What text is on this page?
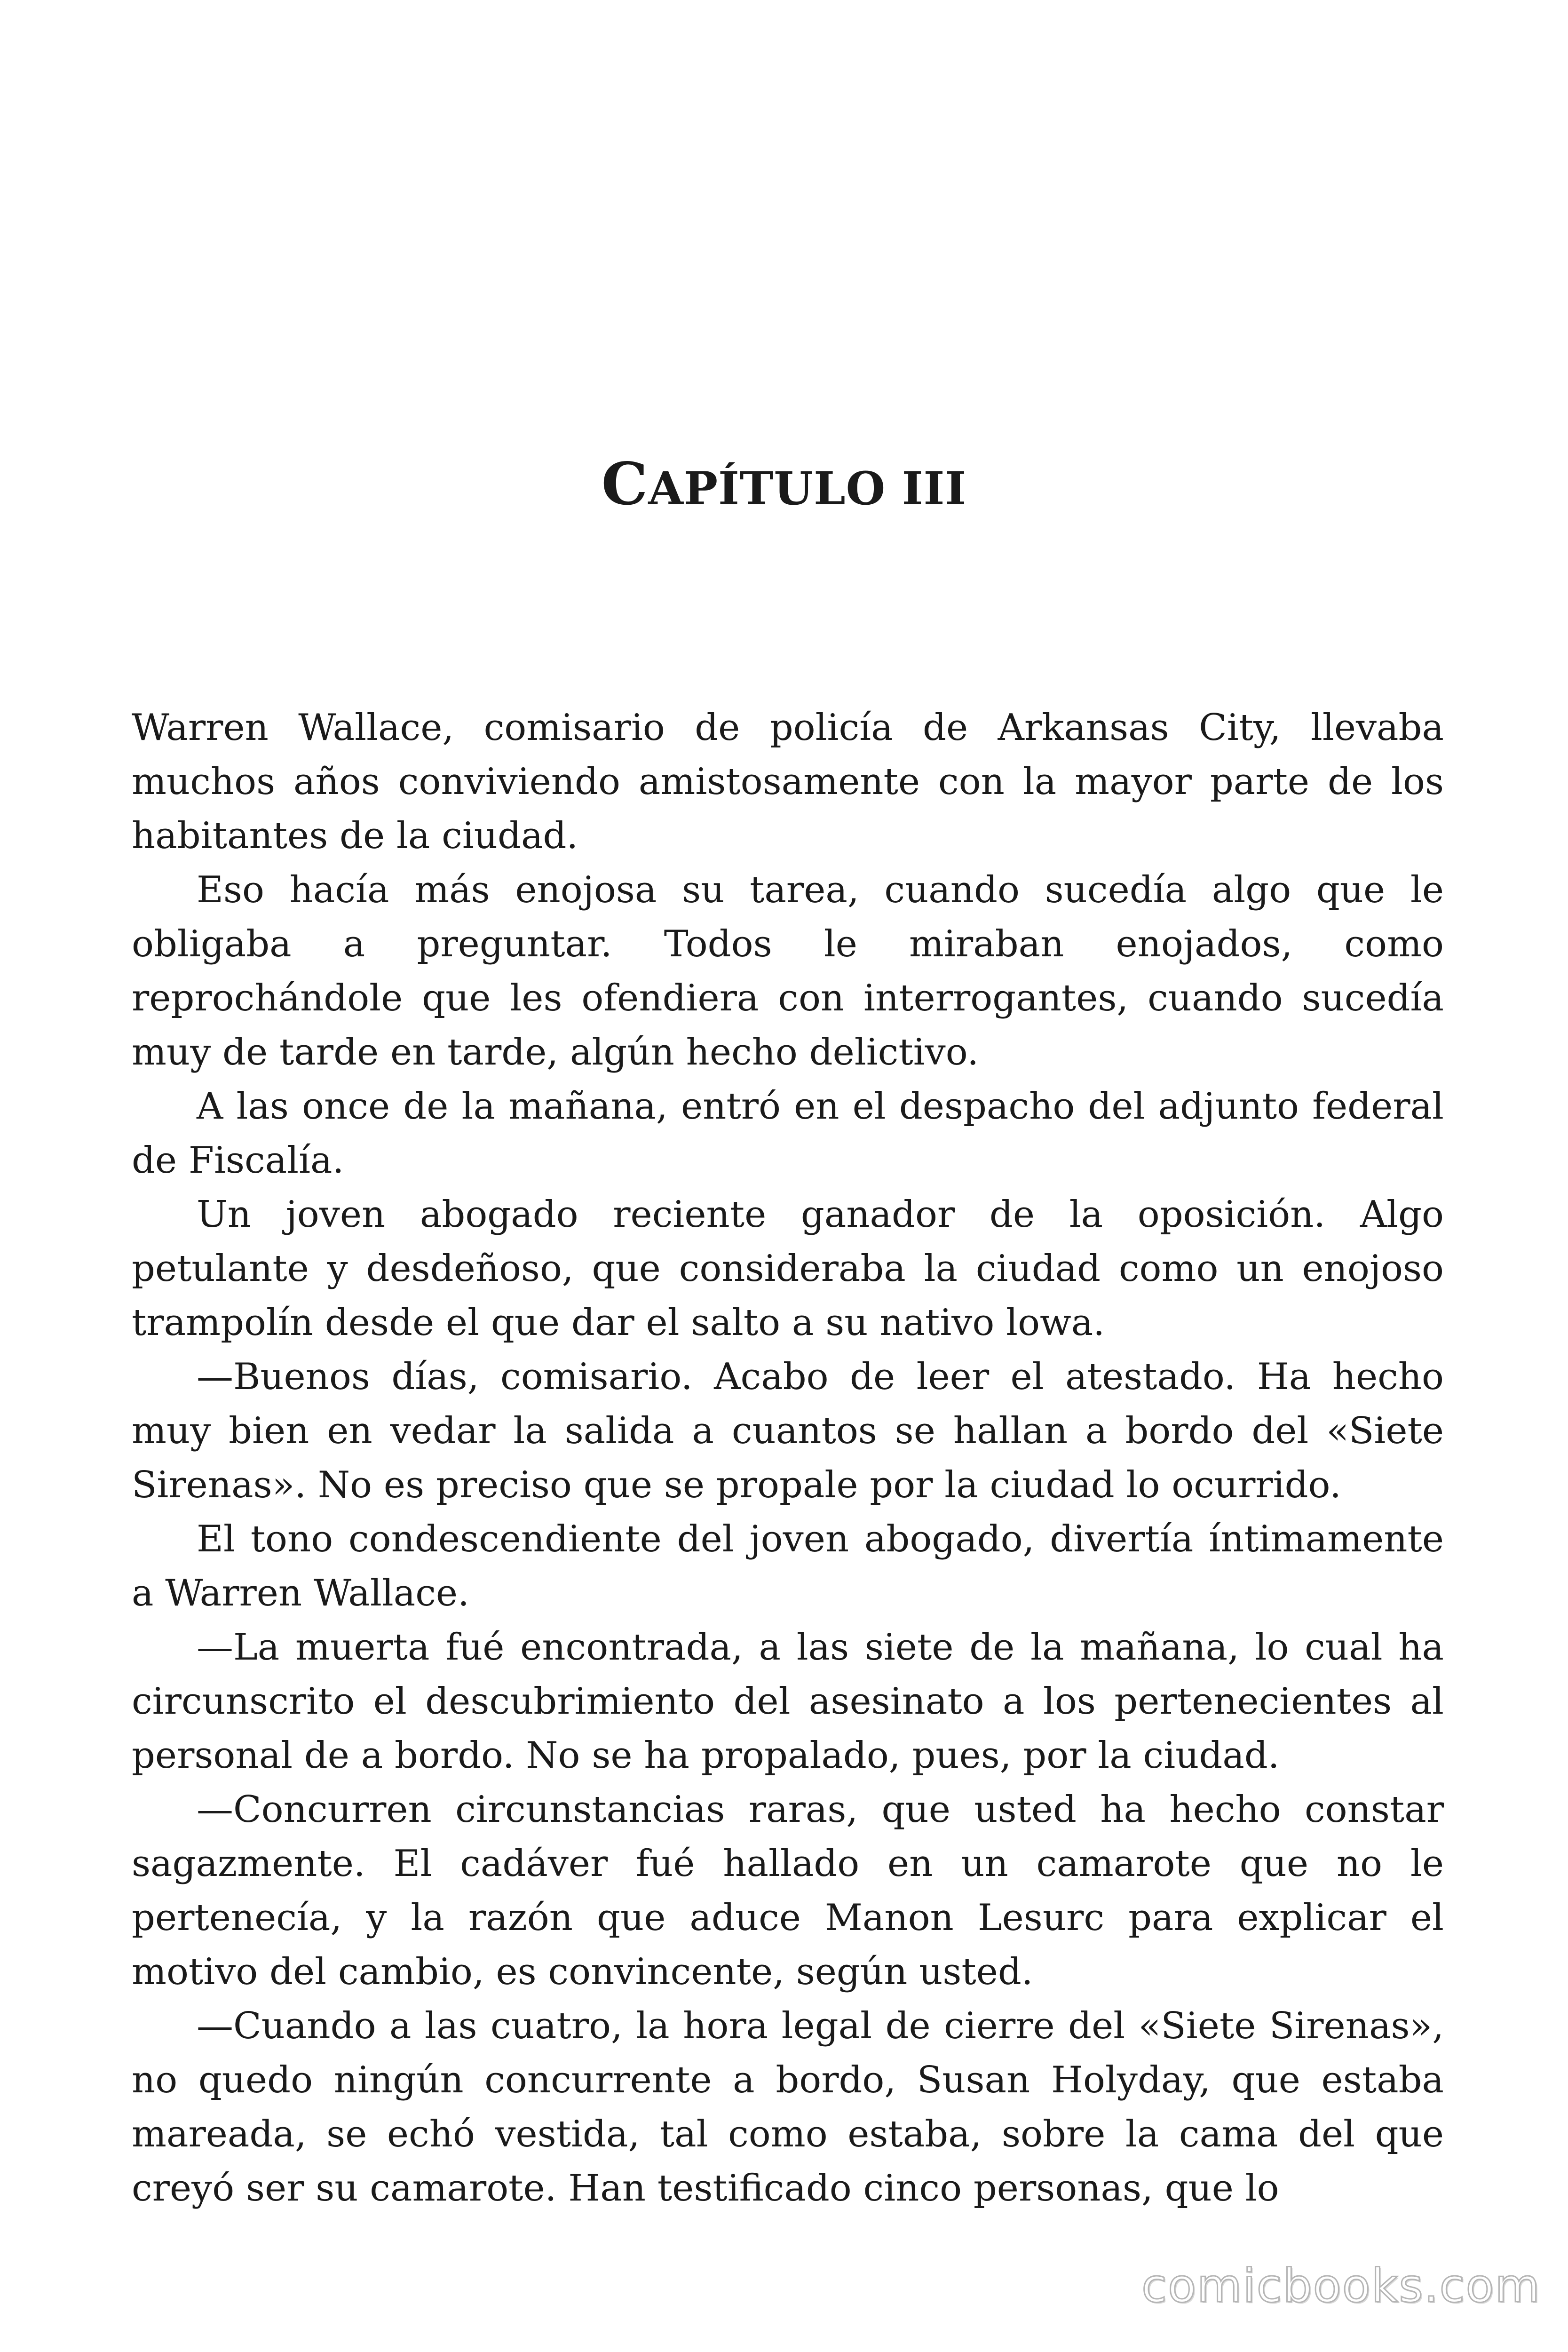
CAPÍTULO III

Warren Wallace, comisario de policía de Arkansas City, llevaba muchos años conviviendo amistosamente con la mayor parte de los habitantes de la ciudad.

Eso hacía más enojosa su tarea, cuando sucedía algo que le obligaba a preguntar. Todos le miraban enojados, como reprochándole que les ofendiera con interrogantes, cuando sucedía muy de tarde en tarde, algún hecho delictivo.

A las once de la mañana, entró en el despacho del adjunto federal de Fiscalía.

Un joven abogado reciente ganador de la oposición. Algo petulante y desdeñoso, que consideraba la ciudad como un enojoso trampolín desde el que dar el salto a su nativo lowa.

—Buenos días, comisario. Acabo de leer el atestado. Ha hecho muy bien en vedar la salida a cuantos se hallan a bordo del «Siete Sirenas». No es preciso que se propale por la ciudad lo ocurrido.

El tono condescendiente del joven abogado, divertía íntimamente a Warren Wallace.

—La muerta fué encontrada, a las siete de la mañana, lo cual ha circunscrito el descubrimiento del asesinato a los pertenecientes al personal de a bordo. No se ha propalado, pues, por la ciudad.

—Concurren circunstancias raras, que usted ha hecho constar sagazmente. El cadáver fué hallado en un camarote que no le pertenecía, y la razón que aduce Manon Lesurc para explicar el motivo del cambio, es convincente, según usted.

—Cuando a las cuatro, la hora legal de cierre del «Siete Sirenas», no quedo ningún concurrente a bordo, Susan Holyday, que estaba mareada, se echó vestida, tal como estaba, sobre la cama del que creyó ser su camarote. Han testificado cinco personas, que lo

comicbooks.com
